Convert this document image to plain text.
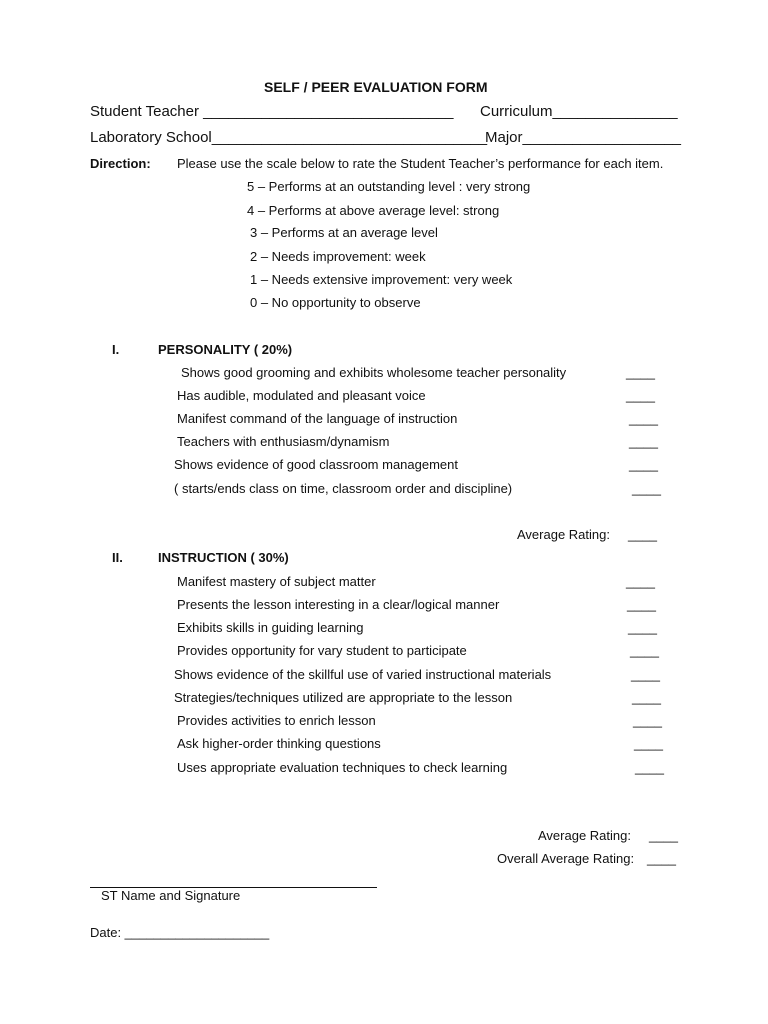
SELF / PEER EVALUATION FORM
Student Teacher ______________________________ Curriculum_______________
Laboratory School_________________________________
Major___________________
Direction: Please use the scale below to rate the Student Teacher’s performance for each item.
5 – Performs at an outstanding level : very strong
4 – Performs at above average level: strong
3 – Performs at an average level
2 – Needs improvement: week
1 – Needs extensive improvement: very week
0 – No opportunity to observe
I.	PERSONALITY ( 20%)
Shows good grooming and exhibits wholesome teacher personality	____
Has audible, modulated and pleasant voice	____
Manifest command of the language of instruction	____
Teachers with enthusiasm/dynamism	____
Shows evidence of good classroom management	____
( starts/ends class on time, classroom order and discipline)	____
Average Rating: ____
II.	INSTRUCTION ( 30%)
Manifest mastery of subject matter	____
Presents the lesson interesting in a clear/logical manner	____
Exhibits skills in guiding learning	____
Provides opportunity for vary student to participate	____
Shows evidence of the skillful use of varied instructional materials	____
Strategies/techniques utilized are appropriate to the lesson	____
Provides activities to enrich lesson	____
Ask higher-order thinking questions	____
Uses appropriate evaluation techniques to check learning	____
Average Rating: ____
Overall Average Rating: ____
ST Name and Signature
Date: ____________________
